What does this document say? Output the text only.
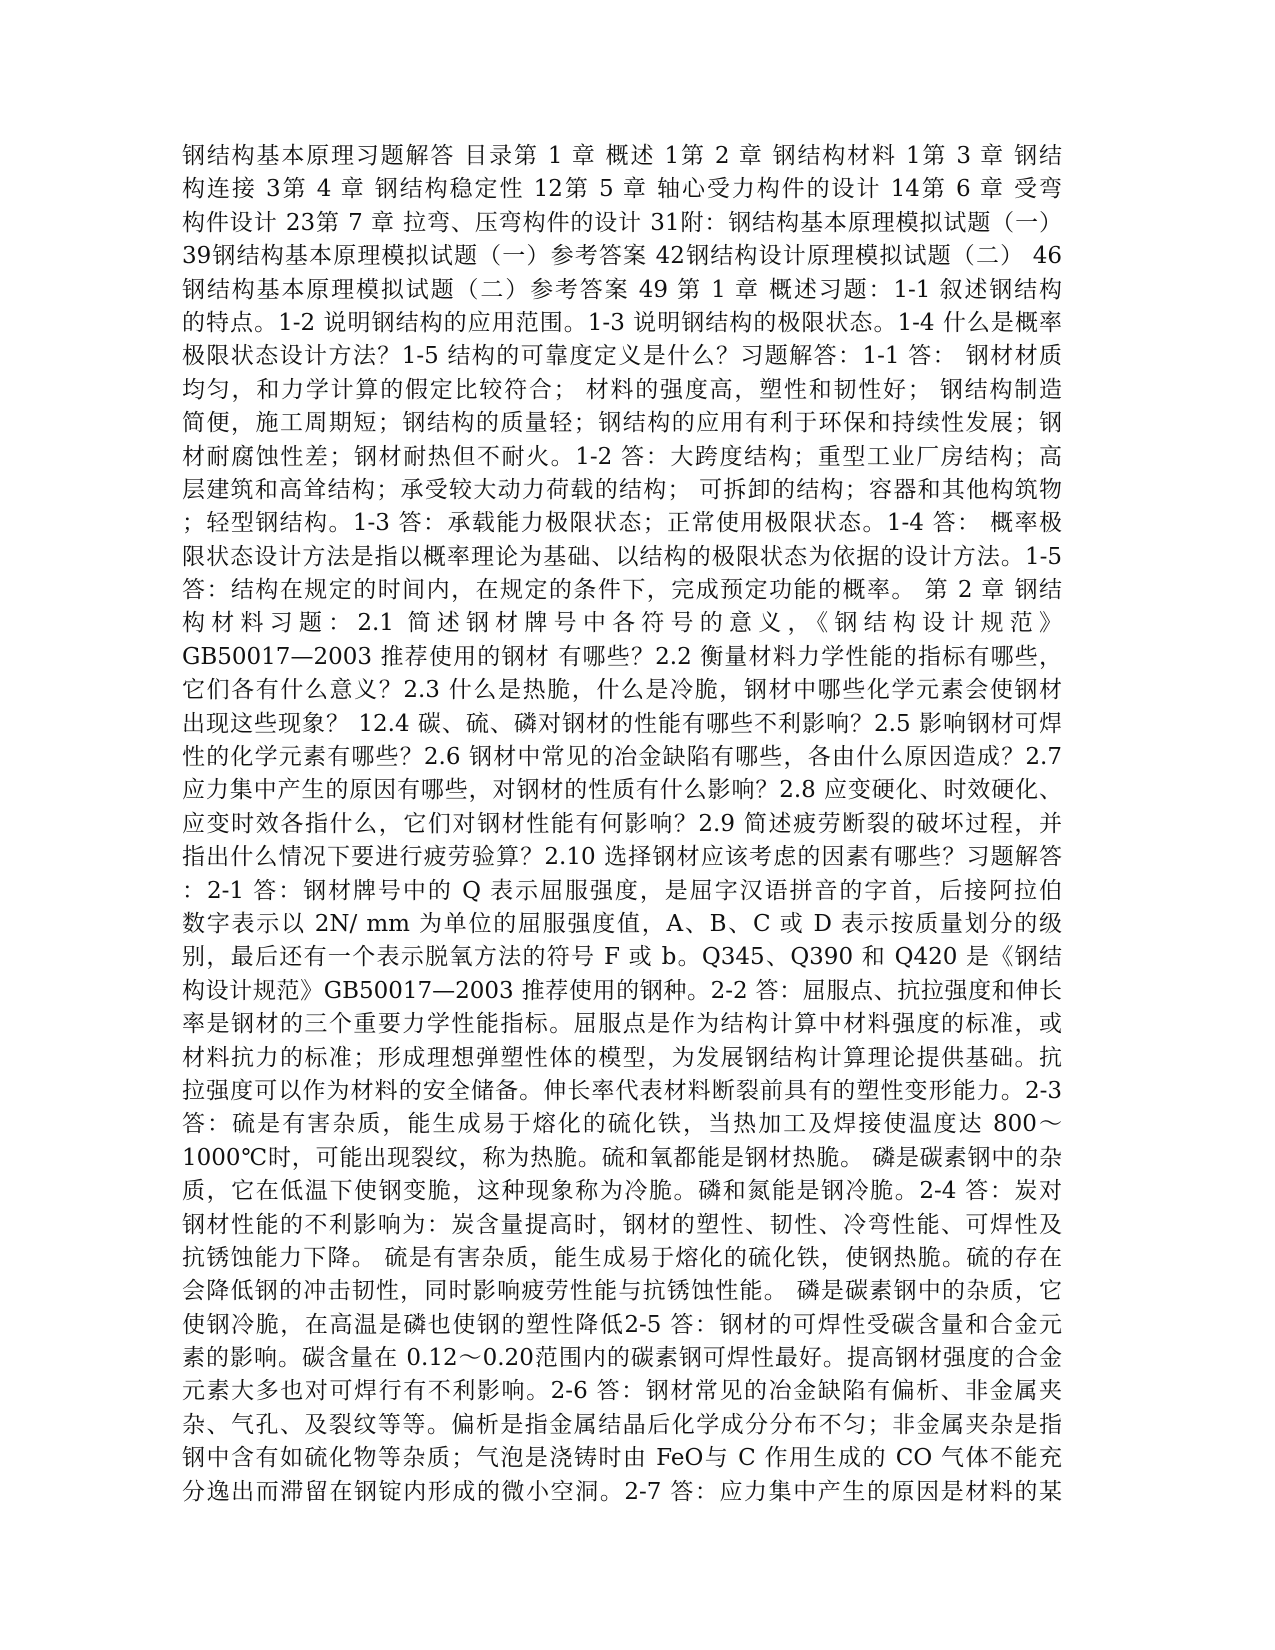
钢结构基本原理习题解答 目录第 1 章 概述 1第 2 章 钢结构材料 1第 3 章 钢结
构连接 3第 4 章 钢结构稳定性 12第 5 章 轴心受力构件的设计 14第 6 章 受弯
构件设计 23第 7 章 拉弯、压弯构件的设计 31附：钢结构基本原理模拟试题（一）
39钢结构基本原理模拟试题（一）参考答案 42钢结构设计原理模拟试题（二） 46
钢结构基本原理模拟试题（二）参考答案 49 第 1 章 概述习题：1-1 叙述钢结构
的特点。1-2 说明钢结构的应用范围。1-3 说明钢结构的极限状态。1-4 什么是概率
极限状态设计方法？1-5 结构的可靠度定义是什么？习题解答：1-1 答： 钢材材质
均匀，和力学计算的假定比较符合； 材料的强度高，塑性和韧性好； 钢结构制造
简便，施工周期短；钢结构的质量轻；钢结构的应用有利于环保和持续性发展；钢
材耐腐蚀性差；钢材耐热但不耐火。1-2 答：大跨度结构；重型工业厂房结构；高
层建筑和高耸结构；承受较大动力荷载的结构； 可拆卸的结构；容器和其他构筑物
；轻型钢结构。1-3 答：承载能力极限状态；正常使用极限状态。1-4 答： 概率极
限状态设计方法是指以概率理论为基础、以结构的极限状态为依据的设计方法。1-5
答：结构在规定的时间内，在规定的条件下，完成预定功能的概率。 第 2 章 钢结
构材料习题：2.1 简述钢材牌号中各符号的意义，《钢结构设计规范》
GB50017—2003 推荐使用的钢材 有哪些？2.2 衡量材料力学性能的指标有哪些，
它们各有什么意义？2.3 什么是热脆，什么是冷脆，钢材中哪些化学元素会使钢材
出现这些现象？ 12.4 碳、硫、磷对钢材的性能有哪些不利影响？2.5 影响钢材可焊
性的化学元素有哪些？2.6 钢材中常见的冶金缺陷有哪些，各由什么原因造成？2.7
应力集中产生的原因有哪些，对钢材的性质有什么影响？2.8 应变硬化、时效硬化、
应变时效各指什么，它们对钢材性能有何影响？2.9 简述疲劳断裂的破坏过程，并
指出什么情况下要进行疲劳验算？2.10 选择钢材应该考虑的因素有哪些？习题解答
：2-1 答：钢材牌号中的 Q 表示屈服强度，是屈字汉语拼音的字首，后接阿拉伯
数字表示以 2N/ mm 为单位的屈服强度值，A、B、C 或 D 表示按质量划分的级
别，最后还有一个表示脱氧方法的符号 F 或 b。Q345、Q390 和 Q420 是《钢结
构设计规范》GB50017—2003 推荐使用的钢种。2-2 答：屈服点、抗拉强度和伸长
率是钢材的三个重要力学性能指标。屈服点是作为结构计算中材料强度的标准，或
材料抗力的标准；形成理想弹塑性体的模型，为发展钢结构计算理论提供基础。抗
拉强度可以作为材料的安全储备。伸长率代表材料断裂前具有的塑性变形能力。2-3
答：硫是有害杂质，能生成易于熔化的硫化铁，当热加工及焊接使温度达 800～
1000℃时，可能出现裂纹，称为热脆。硫和氧都能是钢材热脆。 磷是碳素钢中的杂
质，它在低温下使钢变脆，这种现象称为冷脆。磷和氮能是钢冷脆。2-4 答：炭对
钢材性能的不利影响为：炭含量提高时，钢材的塑性、韧性、冷弯性能、可焊性及
抗锈蚀能力下降。 硫是有害杂质，能生成易于熔化的硫化铁，使钢热脆。硫的存在
会降低钢的冲击韧性，同时影响疲劳性能与抗锈蚀性能。 磷是碳素钢中的杂质，它
使钢冷脆，在高温是磷也使钢的塑性降低2-5 答：钢材的可焊性受碳含量和合金元
素的影响。碳含量在 0.12～0.20范围内的碳素钢可焊性最好。提高钢材强度的合金
元素大多也对可焊行有不利影响。2-6 答：钢材常见的冶金缺陷有偏析、非金属夹
杂、气孔、及裂纹等等。偏析是指金属结晶后化学成分分布不匀；非金属夹杂是指
钢中含有如硫化物等杂质；气泡是浇铸时由 FeO与 C 作用生成的 CO 气体不能充
分逸出而滞留在钢锭内形成的微小空洞。2-7 答：应力集中产生的原因是材料的某
